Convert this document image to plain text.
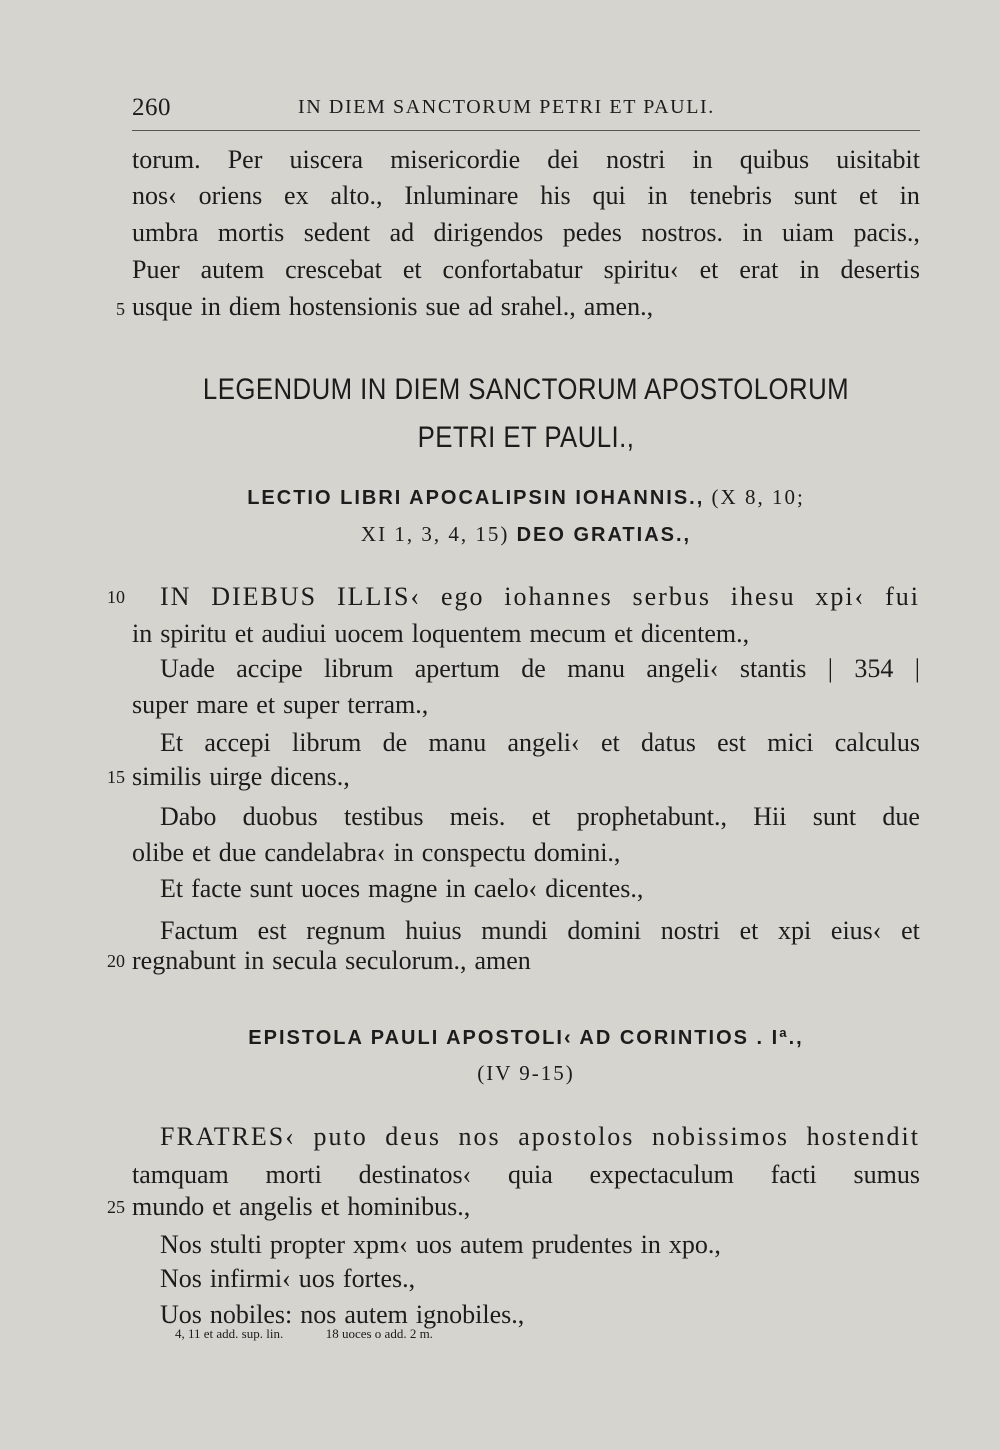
260	IN DIEM SANCTORUM PETRI ET PAULI.
torum. Per uiscera misericordie dei nostri in quibus uisitabit
nos‹ oriens ex alto., Inluminare his qui in tenebris sunt et in
umbra mortis sedent ad dirigendos pedes nostros. in uiam pacis.,
Puer autem crescebat et confortabatur spiritu‹ et erat in desertis
usque in diem hostensionis sue ad srahel., amen.,
5
LEGENDUM IN DIEM SANCTORUM APOSTOLORUM
PETRI ET PAULI.,
LECTIO LIBRI APOCALIPSIN IOHANNIS., (X 8, 10;
XI 1, 3, 4, 15) DEO GRATIAS.,
10 IN DIEBUS ILLIS‹ ego iohannes serbus ihesu xpi‹ fui
in spiritu et audiui uocem loquentem mecum et dicentem.,
Uade accipe librum apertum de manu angeli‹ stantis | 354 |
super mare et super terram.,
Et accepi librum de manu angeli‹ et datus est mici calculus
15 similis uirge dicens.,
Dabo duobus testibus meis. et prophetabunt., Hii sunt due
olibe et due candelabra‹ in conspectu domini.,
Et facte sunt uoces magne in caelo‹ dicentes.,
Factum est regnum huius mundi domini nostri et xpi eius‹ et
20 regnabunt in secula seculorum., amen
EPISTOLA PAULI APOSTOLI‹ AD CORINTIOS . Iª.,
(IV 9-15)
FRATRES‹ puto deus nos apostolos nobissimos hostendit
tamquam morti destinatos‹ quia expectaculum facti sumus
25 mundo et angelis et hominibus.,
Nos stulti propter xpm‹ uos autem prudentes in xpo.,
Nos infirmi‹ uos fortes.,
Uos nobiles: nos autem ignobiles.,
4, 11 et add. sup. lin.	18 uoces o add. 2 m.
